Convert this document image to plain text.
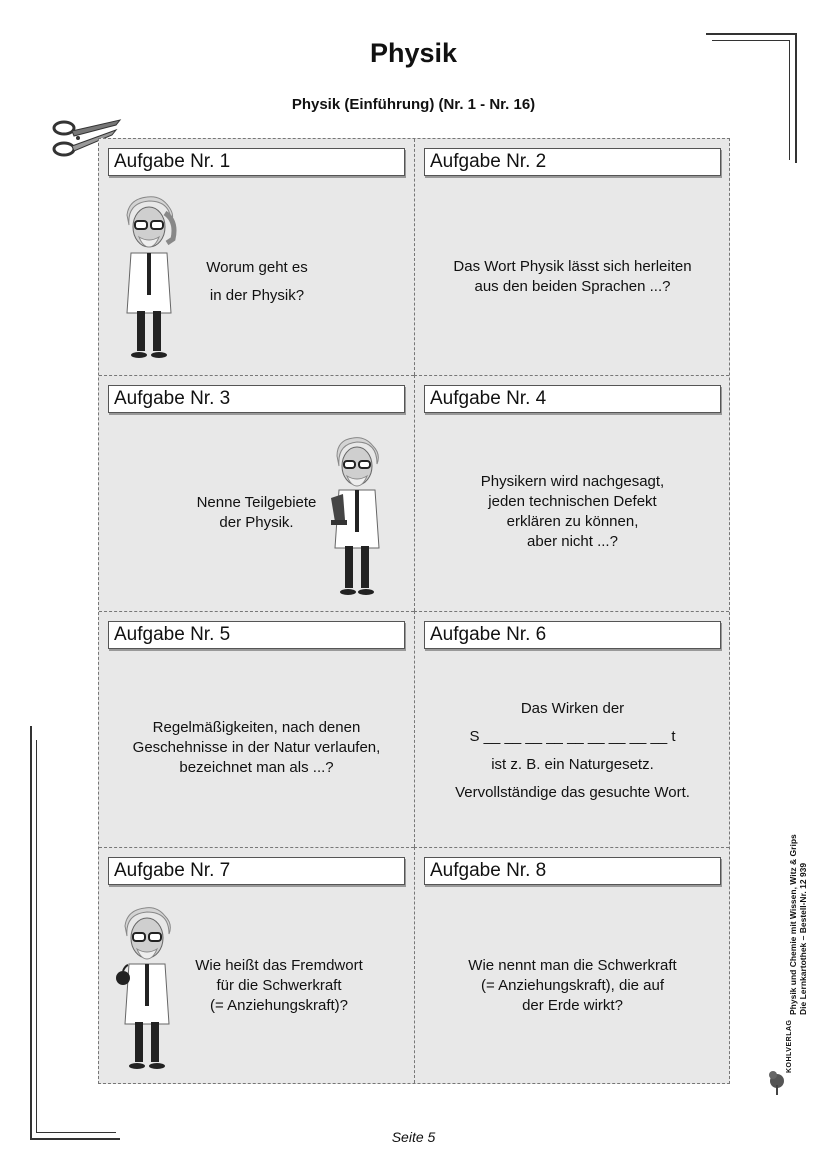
Physik
Physik (Einführung) (Nr. 1 - Nr. 16)
Aufgabe Nr. 1
Worum geht es
in der Physik?
Aufgabe Nr. 2
Das Wort Physik lässt sich herleiten
aus den beiden Sprachen ...?
Aufgabe Nr. 3
Nenne Teilgebiete
der Physik.
Aufgabe Nr. 4
Physikern wird nachgesagt,
jeden technischen Defekt
erklären zu können,
aber nicht ...?
Aufgabe Nr. 5
Regelmäßigkeiten, nach denen
Geschehnisse in der Natur verlaufen,
bezeichnet man als ...?
Aufgabe Nr. 6
Das Wirken der
S __ __ __ __ __ __ __ __ __ t
ist z. B. ein Naturgesetz.
Vervollständige das gesuchte Wort.
Aufgabe Nr. 7
Wie heißt das Fremdwort
für die Schwerkraft
(= Anziehungskraft)?
Aufgabe Nr. 8
Wie nennt man die Schwerkraft
(= Anziehungskraft), die auf
der Erde wirkt?	Physik und Chemie mit Wissen, Witz & Grips Die Lernkartothek – Bestell-Nr. 12 939
KOHLVERLAG
Seite 5
